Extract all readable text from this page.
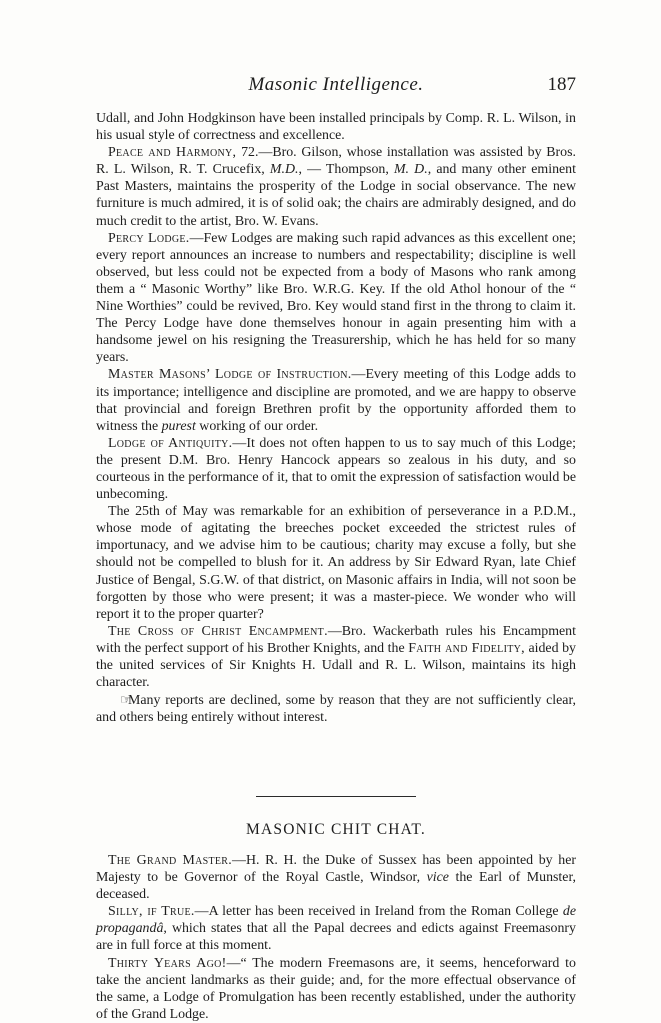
Masonic Intelligence.	187

Udall, and John Hodgkinson have been installed principals by Comp. R. L. Wilson, in his usual style of correctness and excellence.

Peace and Harmony, 72.—Bro. Gilson, whose installation was assisted by Bros. R. L. Wilson, R. T. Crucefix, M.D., — Thompson, M. D., and many other eminent Past Masters, maintains the prosperity of the Lodge in social observance. The new furniture is much admired, it is of solid oak; the chairs are admirably designed, and do much credit to the artist, Bro. W. Evans.

Percy Lodge.—Few Lodges are making such rapid advances as this excellent one; every report announces an increase to numbers and respectability; discipline is well observed, but less could not be expected from a body of Masons who rank among them a “ Masonic Worthy” like Bro. W.R.G. Key. If the old Athol honour of the “ Nine Worthies” could be revived, Bro. Key would stand first in the throng to claim it. The Percy Lodge have done themselves honour in again presenting him with a handsome jewel on his resigning the Treasurership, which he has held for so many years.

Master Masons’ Lodge of Instruction.—Every meeting of this Lodge adds to its importance; intelligence and discipline are promoted, and we are happy to observe that provincial and foreign Brethren profit by the opportunity afforded them to witness the purest working of our order.

Lodge of Antiquity.—It does not often happen to us to say much of this Lodge; the present D.M. Bro. Henry Hancock appears so zealous in his duty, and so courteous in the performance of it, that to omit the expression of satisfaction would be unbecoming.

The 25th of May was remarkable for an exhibition of perseverance in a P.D.M., whose mode of agitating the breeches pocket exceeded the strictest rules of importunacy, and we advise him to be cautious; charity may excuse a folly, but she should not be compelled to blush for it. An address by Sir Edward Ryan, late Chief Justice of Bengal, S.G.W. of that district, on Masonic affairs in India, will not soon be forgotten by those who were present; it was a master-piece. We wonder who will report it to the proper quarter?

The Cross of Christ Encampment.—Bro. Wackerbath rules his Encampment with the perfect support of his Brother Knights, and the Faith and Fidelity, aided by the united services of Sir Knights H. Udall and R. L. Wilson, maintains its high character.

☞Many reports are declined, some by reason that they are not sufficiently clear, and others being entirely without interest.

MASONIC CHIT CHAT.

The Grand Master.—H. R. H. the Duke of Sussex has been appointed by her Majesty to be Governor of the Royal Castle, Windsor, vice the Earl of Munster, deceased.

Silly, if True.—A letter has been received in Ireland from the Roman College de propagandâ, which states that all the Papal decrees and edicts against Freemasonry are in full force at this moment.

Thirty Years Ago!—“ The modern Freemasons are, it seems, henceforward to take the ancient landmarks as their guide; and, for the more effectual observance of the same, a Lodge of Promulgation has been recently established, under the authority of the Grand Lodge.
